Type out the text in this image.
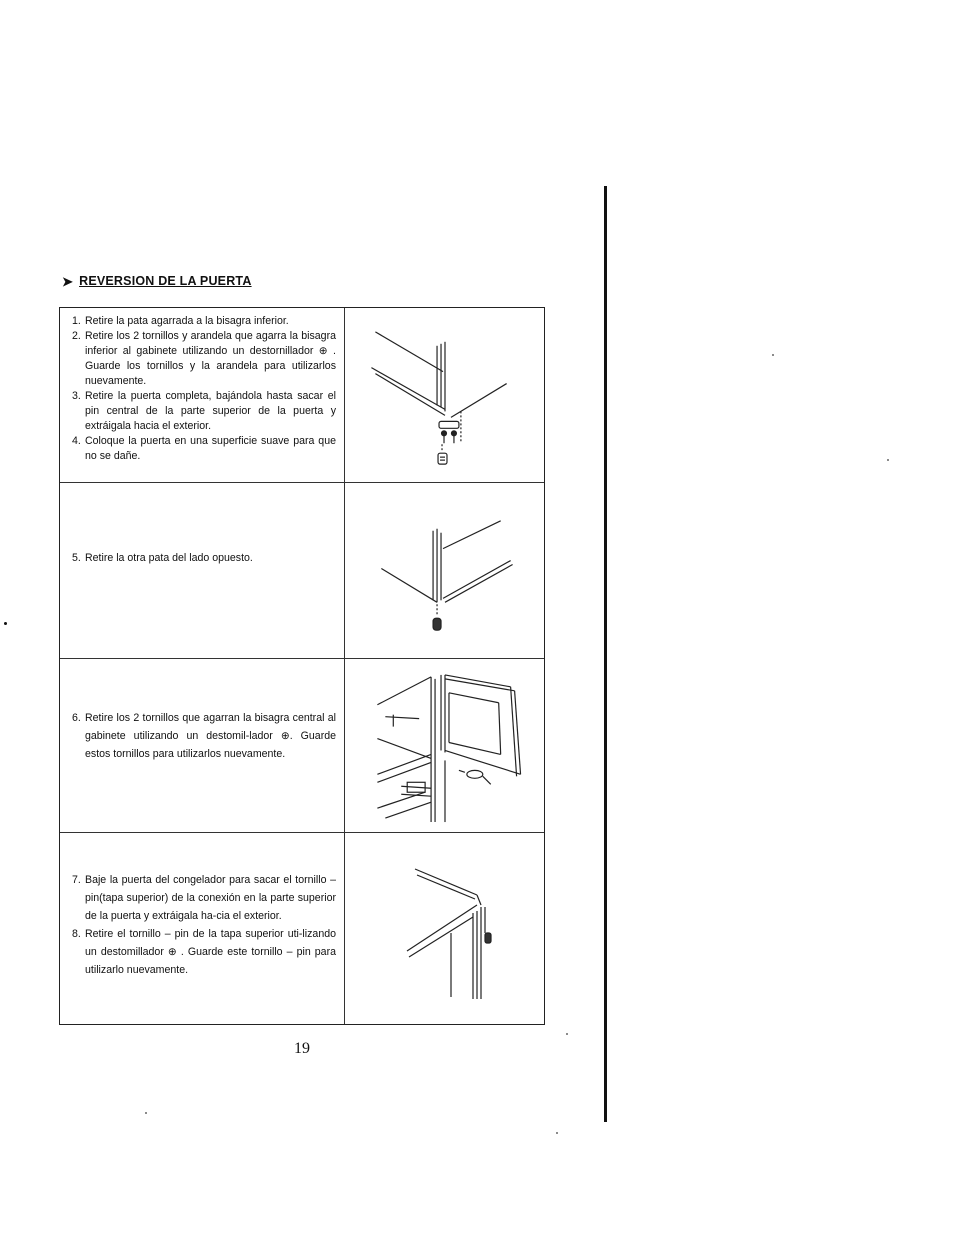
➤ REVERSION DE LA PUERTA
1. Retire la pata agarrada a la bisagra inferior.
2. Retire los 2 tornillos y arandela que agarra la bisagra inferior al gabinete utilizando un destornillador ⊕ . Guarde los tornillos y la arandela para utilizarlos nuevamente.
3. Retire la puerta completa, bajándola hasta sacar el pin central de la parte superior de la puerta y extráigala hacia el exterior.
4. Coloque la puerta en una superficie suave para que no se dañe.
5. Retire la otra pata del lado opuesto.
6. Retire los 2 tornillos que agarran la bisagra central al gabinete utilizando un destomil-lador ⊕. Guarde estos tornillos para utilizarlos nuevamente.
7. Baje la puerta del congelador para sacar el tornillo – pin(tapa superior) de la conexión en la parte superior de la puerta y extráigala ha-cia el exterior.
8. Retire el tornillo – pin de la tapa superior uti-lizando un destomillador ⊕ . Guarde este tornillo – pin para utilizarlo nuevamente.
19
